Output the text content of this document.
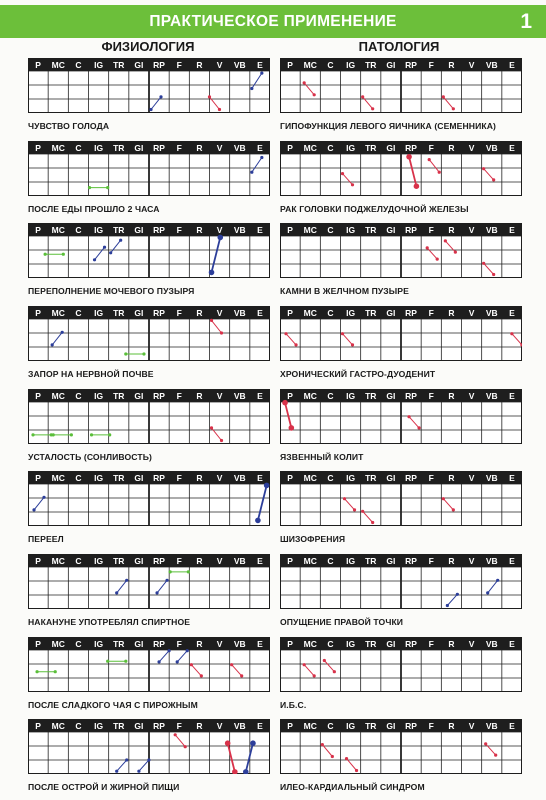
ПРАКТИЧЕСКОЕ ПРИМЕНЕНИЕ	1
ФИЗИОЛОГИЯ	ПАТОЛОГИЯ
P MC C IG TR GI RP F R V VB E
ЧУВСТВО ГОЛОДА
P MC C IG TR GI RP F R V VB E
ПОСЛЕ ЕДЫ ПРОШЛО 2 ЧАСА
P MC C IG TR GI RP F R V VB E
ПЕРЕПОЛНЕНИЕ МОЧЕВОГО ПУЗЫРЯ
P MC C IG TR GI RP F R V VB E
ЗАПОР НА НЕРВНОЙ ПОЧВЕ
P MC C IG TR GI RP F R V VB E
УСТАЛОСТЬ (СОНЛИВОСТЬ)
P MC C IG TR GI RP F R V VB E
ПЕРЕЕЛ
P MC C IG TR GI RP F R V VB E
НАКАНУНЕ УПОТРЕБЛЯЛ СПИРТНОЕ
P MC C IG TR GI RP F R V VB E
ПОСЛЕ СЛАДКОГО ЧАЯ С ПИРОЖНЫМ
P MC C IG TR GI RP F R V VB E
ПОСЛЕ ОСТРОЙ И ЖИРНОЙ ПИЩИ
P MC C IG TR GI RP F R V VB E
ГИПОФУНКЦИЯ ЛЕВОГО ЯИЧНИКА (СЕМЕННИКА)
P MC C IG TR GI RP F R V VB E
РАК ГОЛОВКИ ПОДЖЕЛУДОЧНОЙ ЖЕЛЕЗЫ
P MC C IG TR GI RP F R V VB E
КАМНИ В ЖЕЛЧНОМ ПУЗЫРЕ
P MC C IG TR GI RP F R V VB E
ХРОНИЧЕСКИЙ ГАСТРО-ДУОДЕНИТ
P MC C IG TR GI RP F R V VB E
ЯЗВЕННЫЙ КОЛИТ
P MC C IG TR GI RP F R V VB E
ШИЗОФРЕНИЯ
P MC C IG TR GI RP F R V VB E
ОПУЩЕНИЕ ПРАВОЙ ТОЧКИ
P MC C IG TR GI RP F R V VB E
И.Б.С.
P MC C IG TR GI RP F R V VB E
ИЛЕО-КАРДИАЛЬНЫЙ СИНДРОМ
